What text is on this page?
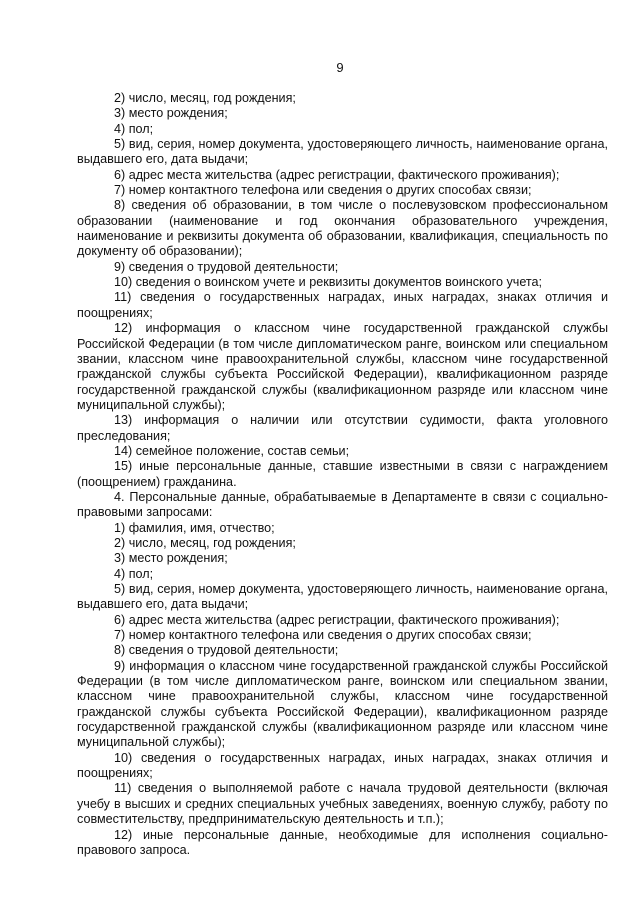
9

2) число, месяц, год рождения;

3) место рождения;

4) пол;

5) вид, серия, номер документа, удостоверяющего личность, наименование органа, выдавшего его, дата выдачи;

6) адрес места жительства (адрес регистрации, фактического проживания);

7) номер контактного телефона или сведения о других способах связи;

8) сведения об образовании, в том числе о послевузовском профессиональном образовании (наименование и год окончания образовательного учреждения, наименование и реквизиты документа об образовании, квалификация, специальность по документу об образовании);

9) сведения о трудовой деятельности;

10) сведения о воинском учете и реквизиты документов воинского учета;

11) сведения о государственных наградах, иных наградах, знаках отличия и поощрениях;

12) информация о классном чине государственной гражданской службы Российской Федерации (в том числе дипломатическом ранге, воинском или специальном звании, классном чине правоохранительной службы, классном чине государственной гражданской службы субъекта Российской Федерации), квалификационном разряде государственной гражданской службы (квалификационном разряде или классном чине муниципальной службы);

13) информация о наличии или отсутствии судимости, факта уголовного преследования;

14) семейное положение, состав семьи;

15) иные персональные данные, ставшие известными в связи с награждением (поощрением) гражданина.

4. Персональные данные, обрабатываемые в Департаменте в связи с социально-правовыми запросами:

1) фамилия, имя, отчество;

2) число, месяц, год рождения;

3) место рождения;

4) пол;

5) вид, серия, номер документа, удостоверяющего личность, наименование органа, выдавшего его, дата выдачи;

6) адрес места жительства (адрес регистрации, фактического проживания);

7) номер контактного телефона или сведения о других способах связи;

8) сведения о трудовой деятельности;

9) информация о классном чине государственной гражданской службы Российской Федерации (в том числе дипломатическом ранге, воинском или специальном звании, классном чине правоохранительной службы, классном чине государственной гражданской службы субъекта Российской Федерации), квалификационном разряде государственной гражданской службы (квалификационном разряде или классном чине муниципальной службы);

10) сведения о государственных наградах, иных наградах, знаках отличия и поощрениях;

11) сведения о выполняемой работе с начала трудовой деятельности (включая учебу в высших и средних специальных учебных заведениях, военную службу, работу по совместительству, предпринимательскую деятельность и т.п.);

12) иные персональные данные, необходимые для исполнения социально-правового запроса.
